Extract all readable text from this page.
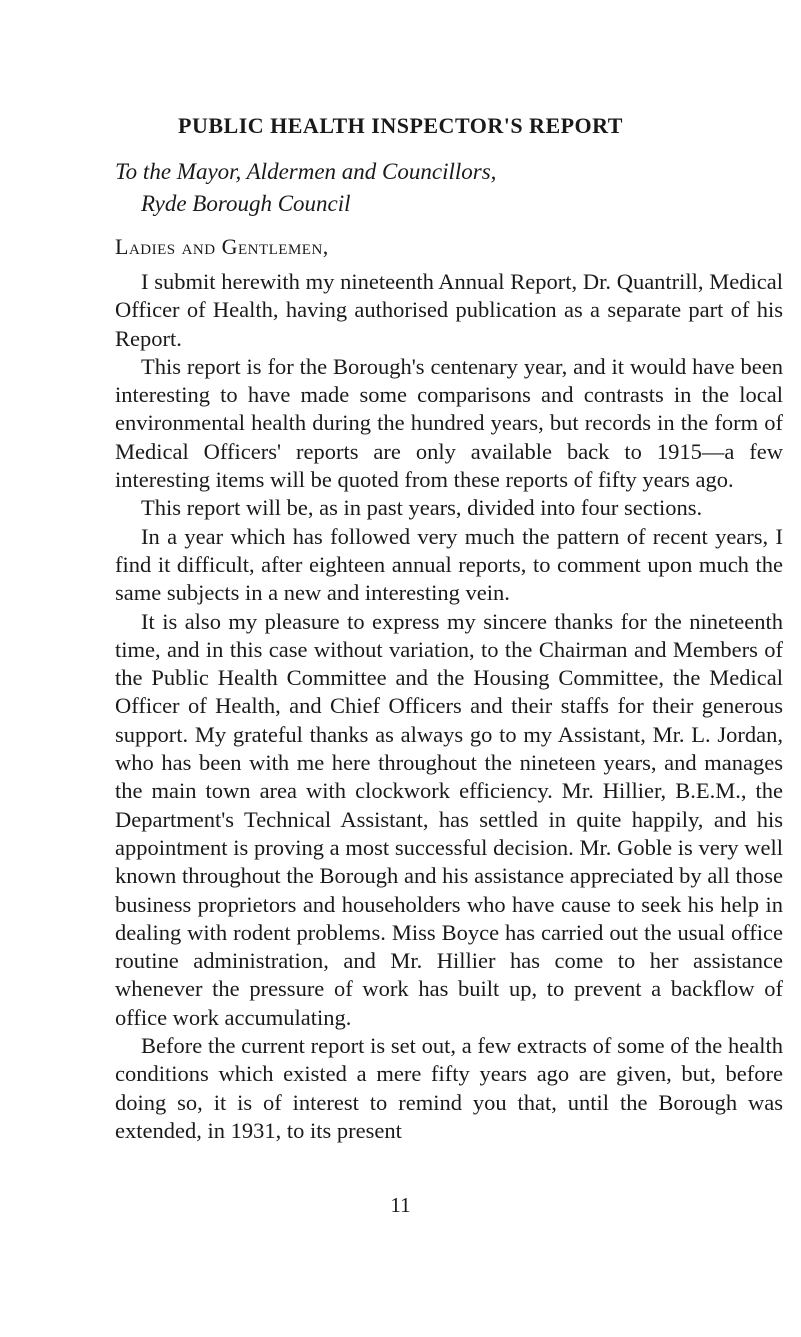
PUBLIC HEALTH INSPECTOR'S REPORT
To the Mayor, Aldermen and Councillors,
Ryde Borough Council
Ladies and Gentlemen,

I submit herewith my nineteenth Annual Report, Dr. Quantrill, Medical Officer of Health, having authorised publication as a separate part of his Report.

This report is for the Borough's centenary year, and it would have been interesting to have made some comparisons and contrasts in the local environmental health during the hundred years, but records in the form of Medical Officers' reports are only available back to 1915—a few interesting items will be quoted from these reports of fifty years ago.

This report will be, as in past years, divided into four sections.

In a year which has followed very much the pattern of recent years, I find it difficult, after eighteen annual reports, to comment upon much the same subjects in a new and interesting vein.

It is also my pleasure to express my sincere thanks for the nineteenth time, and in this case without variation, to the Chairman and Members of the Public Health Committee and the Housing Committee, the Medical Officer of Health, and Chief Officers and their staffs for their generous support. My grateful thanks as always go to my Assistant, Mr. L. Jordan, who has been with me here throughout the nineteen years, and manages the main town area with clockwork efficiency. Mr. Hillier, B.E.M., the Department's Technical Assistant, has settled in quite happily, and his appointment is proving a most successful decision. Mr. Goble is very well known throughout the Borough and his assistance appreciated by all those business proprietors and householders who have cause to seek his help in dealing with rodent problems. Miss Boyce has carried out the usual office routine administration, and Mr. Hillier has come to her assistance whenever the pressure of work has built up, to prevent a backflow of office work accumulating.

Before the current report is set out, a few extracts of some of the health conditions which existed a mere fifty years ago are given, but, before doing so, it is of interest to remind you that, until the Borough was extended, in 1931, to its present

11
